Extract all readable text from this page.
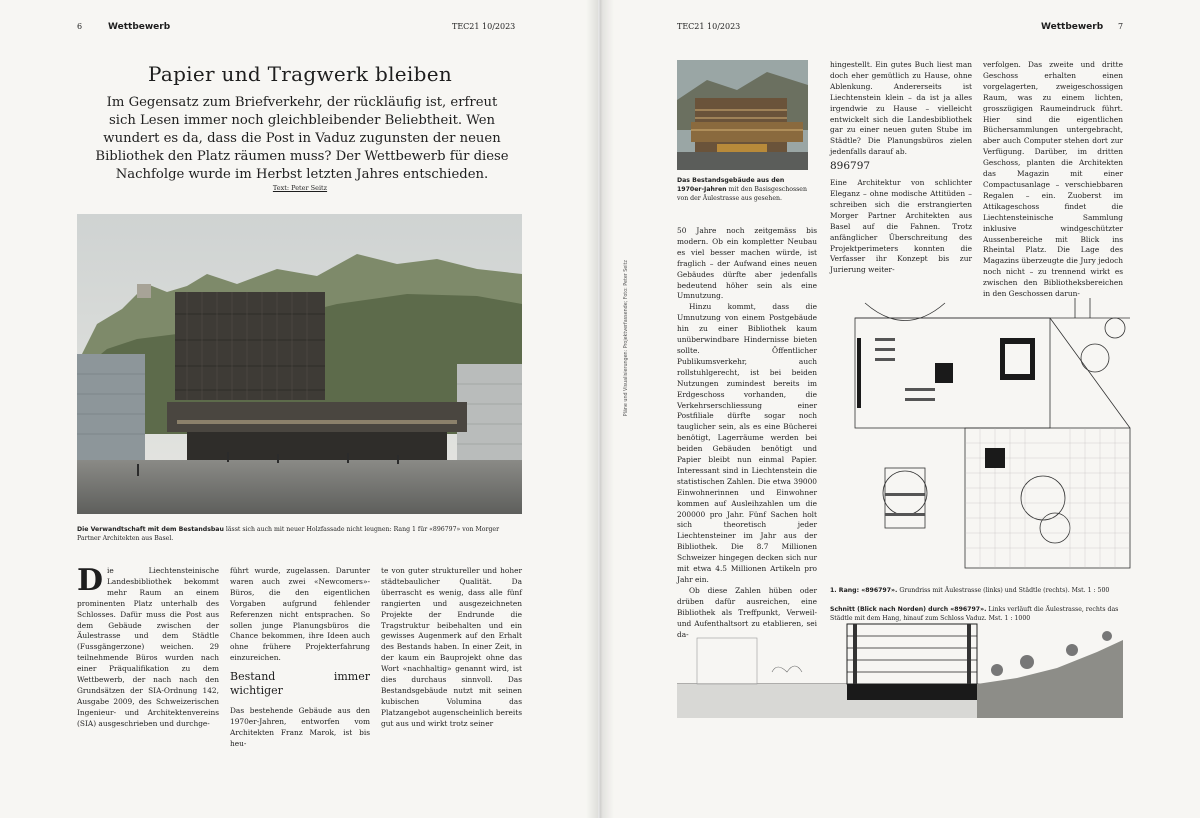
6	Wettbewerb	TEC21 10/2023
Papier und Tragwerk bleiben
Im Gegensatz zum Briefverkehr, der rückläufig ist, erfreut sich Lesen immer noch gleichbleibender Beliebtheit. Wen wundert es da, dass die Post in Vaduz zugunsten der neuen Bibliothek den Platz räumen muss? Der Wettbewerb für diese Nachfolge wurde im Herbst letzten Jahres entschieden.
Text: Peter Seitz
Die Verwandtschaft mit dem Bestandsbau lässt sich auch mit neuer Holzfassade nicht leugnen: Rang 1 für «896797» von Morger Partner Architekten aus Basel.

Die Liechtensteinische Landesbibliothek bekommt mehr Raum an einem prominenten Platz unterhalb des Schlosses. Dafür muss die Post aus dem Gebäude zwischen der Äulestrasse und dem Städtle (Fussgängerzone) weichen. 29 teilnehmende Büros wurden nach einer Präqualifikation zu dem Wettbewerb, der nach nach den Grundsätzen der SIA-Ordnung 142, Ausgabe 2009, des Schweizerischen Ingenieur- und Architektenvereins (SIA) ausgeschrieben und durchge-

führt wurde, zugelassen. Darunter waren auch zwei «Newcomers»-Büros, die den eigentlichen Vorgaben aufgrund fehlender Referenzen nicht entsprachen. So sollen junge Planungsbüros die Chance bekommen, ihre Ideen auch ohne frühere Projekterfahrung einzureichen.

Bestand immer wichtiger

Das bestehende Gebäude aus den 1970er-Jahren, entworfen vom Architekten Franz Marok, ist bis heu-

te von guter struktureller und hoher städtebaulicher Qualität. Da überrascht es wenig, dass alle fünf rangierten und ausgezeichneten Projekte der Endrunde die Tragstruktur beibehalten und ein gewisses Augenmerk auf den Erhalt des Bestands haben. In einer Zeit, in der kaum ein Bauprojekt ohne das Wort «nachhaltig» genannt wird, ist dies durchaus sinnvoll. Das Bestandsgebäude nutzt mit seinen kubischen Volumina das Platzangebot augenscheinlich bereits gut aus und wirkt trotz seiner

TEC21 10/2023	Wettbewerb 7
Pläne und Visualisierungen: Projektverfassende; Foto: Peter Seitz
Das Bestandsgebäude aus den 1970er-Jahren mit den Basisgeschossen von der Äulestrasse aus gesehen.

50 Jahre noch zeitgemäss bis modern. Ob ein kompletter Neubau es viel besser machen würde, ist fraglich – der Aufwand eines neuen Gebäudes dürfte aber jedenfalls bedeutend höher sein als eine Umnutzung.

Hinzu kommt, dass die Umnutzung von einem Postgebäude hin zu einer Bibliothek kaum unüberwindbare Hindernisse bieten sollte. Öffentlicher Publikumsverkehr, auch rollstuhlgerecht, ist bei beiden Nutzungen zumindest bereits im Erdgeschoss vorhanden, die Verkehrserschliessung einer Postfiliale dürfte sogar noch tauglicher sein, als es eine Bücherei benötigt, Lagerräume werden bei beiden Gebäuden benötigt und Papier bleibt nun einmal Papier. Interessant sind in Liechtenstein die statistischen Zahlen. Die etwa 39000 Einwohnerinnen und Einwohner kommen auf Ausleihzahlen um die 200000 pro Jahr. Fünf Sachen holt sich theoretisch jeder Liechtensteiner im Jahr aus der Bibliothek. Die 8.7 Millionen Schweizer hingegen decken sich nur mit etwa 4.5 Millionen Artikeln pro Jahr ein.

Ob diese Zahlen hüben oder drüben dafür ausreichen, eine Bibliothek als Treffpunkt, Verweil- und Aufenthaltsort zu etablieren, sei da-

hingestellt. Ein gutes Buch liest man doch eher gemütlich zu Hause, ohne Ablenkung. Andererseits ist Liechtenstein klein – da ist ja alles irgendwie zu Hause – vielleicht entwickelt sich die Landesbibliothek gar zu einer neuen guten Stube im Städtle? Die Planungsbüros zielen jedenfalls darauf ab.

896797

Eine Architektur von schlichter Eleganz – ohne modische Attitüden – schreiben sich die erstrangierten Morger Partner Architekten aus Basel auf die Fahnen. Trotz anfänglicher Überschreitung des Projektperimeters konnten die Verfasser ihr Konzept bis zur Jurierung weiter-

verfolgen. Das zweite und dritte Geschoss erhalten einen vorgelagerten, zweigeschossigen Raum, was zu einem lichten, grosszügigen Raumeindruck führt. Hier sind die eigentlichen Büchersammlungen untergebracht, aber auch Computer stehen dort zur Verfügung. Darüber, im dritten Geschoss, planten die Architekten das Magazin mit einer Compactusanlage – verschiebbaren Regalen – ein. Zuoberst im Attikageschoss findet die Liechtensteinische Sammlung inklusive windgeschützter Aussenbereiche mit Blick ins Rheintal Platz. Die Lage des Magazins überzeugte die Jury jedoch noch nicht – zu trennend wirkt es zwischen den Bibliotheksbereichen in den Geschossen darun-

1. Rang: «896797». Grundriss mit Äulestrasse (links) und Städtle (rechts). Mst. 1 : 500
Schnitt (Blick nach Norden) durch «896797». Links verläuft die Äulestrasse, rechts das Städtle mit dem Hang, hinauf zum Schloss Vaduz. Mst. 1 : 1000
